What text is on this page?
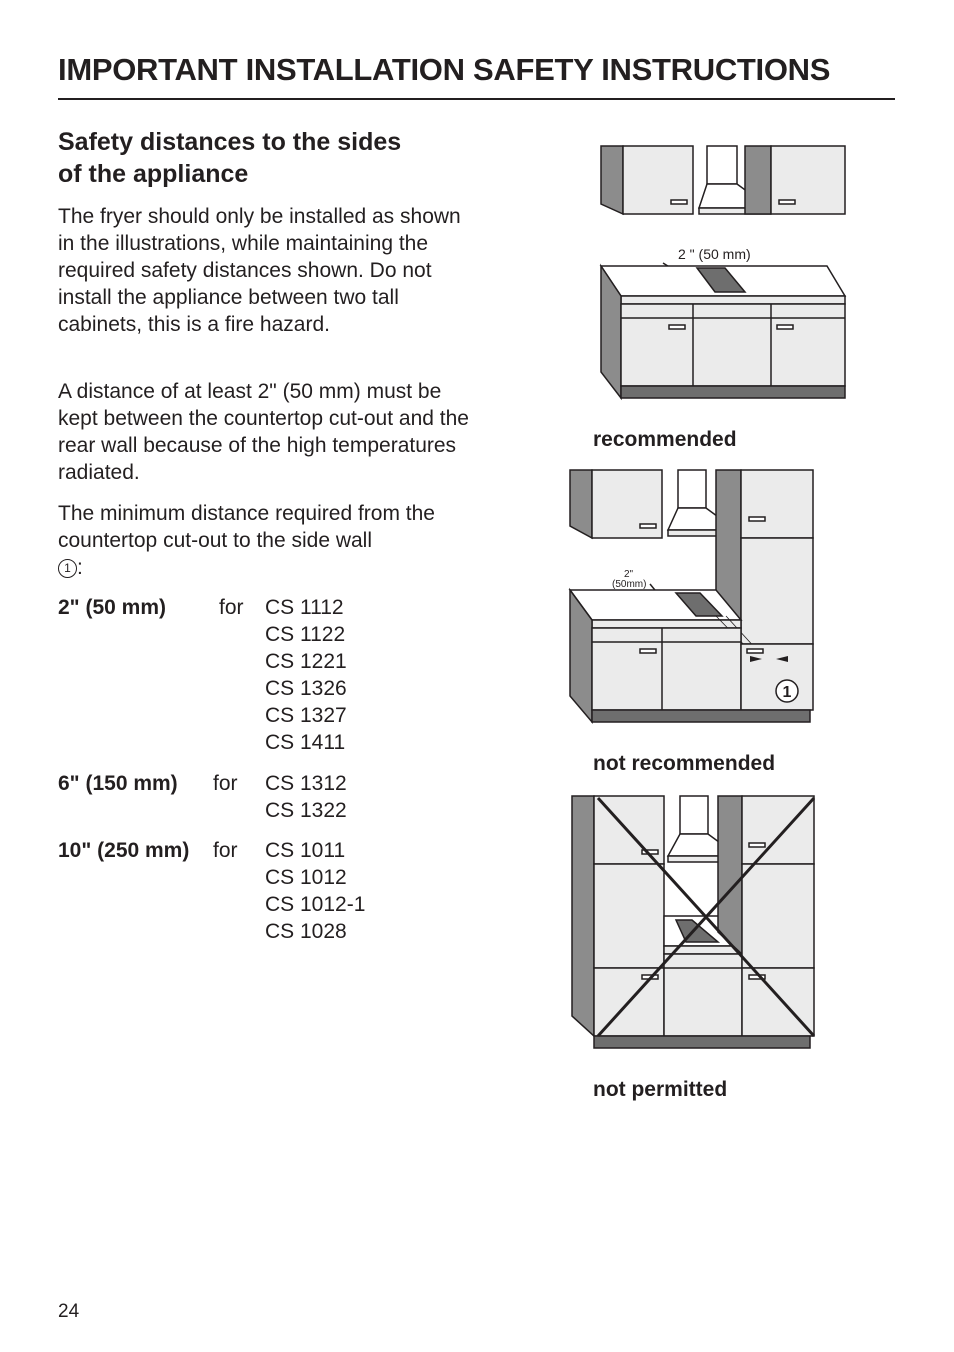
IMPORTANT INSTALLATION SAFETY INSTRUCTIONS
Safety distances to the sides
of the appliance

The fryer should only be installed as shown in the illustrations, while maintaining the required safety distances shown. Do not install the appliance between two tall cabinets, this is a fire hazard.

A distance of at least 2" (50 mm) must be kept between the countertop cut-out and the rear wall because of the high temperatures radiated.

The minimum distance required from the countertop cut-out to the side wall
1 :

2" (50 mm)	for CS 1112
CS 1122
CS 1221
CS 1326
CS 1327
CS 1411
6" (150 mm) for CS 1312
CS 1322
10" (250 mm) for CS 1011
CS 1012
CS 1012-1
CS 1028
2 " (50 mm)
2"
(50mm)
1
recommended
not recommended
not permitted
24
